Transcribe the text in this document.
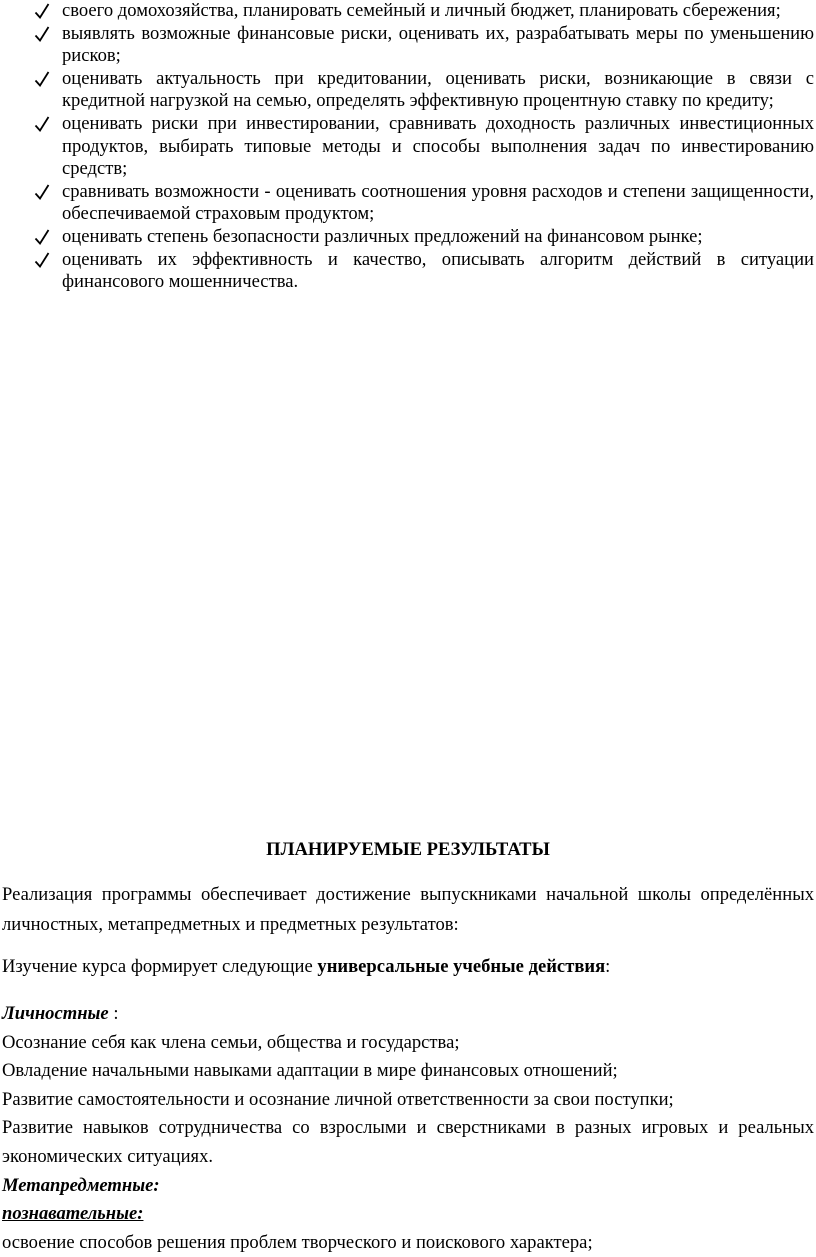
своего домохозяйства, планировать семейный и личный бюджет, планировать сбережения;
выявлять возможные финансовые риски, оценивать их, разрабатывать меры по уменьшению рисков;
оценивать актуальность при кредитовании, оценивать риски, возникающие в связи с кредитной нагрузкой на семью, определять эффективную процентную ставку по кредиту;
оценивать риски при инвестировании, сравнивать доходность различных инвестиционных продуктов, выбирать типовые методы и способы выполнения задач по инвестированию средств;
сравнивать возможности - оценивать соотношения уровня расходов и степени защищенности, обеспечиваемой страховым продуктом;
оценивать степень безопасности различных предложений на финансовом рынке;
оценивать их эффективность и качество, описывать алгоритм действий в ситуации финансового мошенничества.
ПЛАНИРУЕМЫЕ РЕЗУЛЬТАТЫ
Реализация программы обеспечивает достижение выпускниками начальной школы определённых личностных, метапредметных и предметных результатов:
Изучение курса формирует следующие универсальные учебные действия:
Личностные :
Осознание себя как члена семьи, общества и государства;
Овладение начальными навыками адаптации в мире финансовых отношений;
Развитие самостоятельности и осознание личной ответственности за свои поступки;
Развитие навыков сотрудничества со взрослыми и сверстниками в разных игровых и реальных экономических ситуациях.
Метапредметные:
познавательные:
освоение способов решения проблем творческого и поискового характера;
